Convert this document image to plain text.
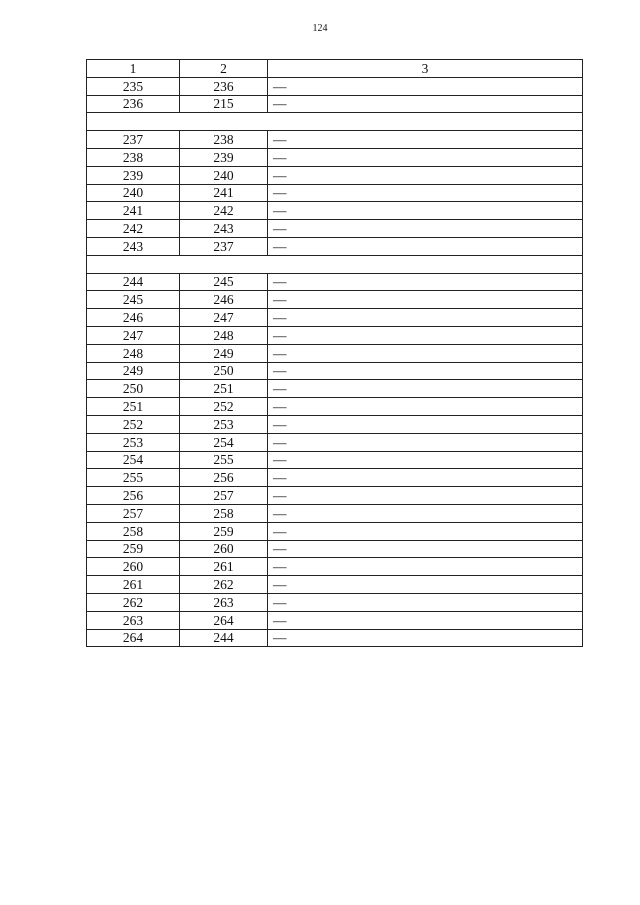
124
1	2	3
235	236	—
236	215	—

237	238	—
238	239	—
239	240	—
240	241	—
241	242	—
242	243	—
243	237	—

244	245	—
245	246	—
246	247	—
247	248	—
248	249	—
249	250	—
250	251	—
251	252	—
252	253	—
253	254	—
254	255	—
255	256	—
256	257	—
257	258	—
258	259	—
259	260	—
260	261	—
261	262	—
262	263	—
263	264	—
264	244	—
